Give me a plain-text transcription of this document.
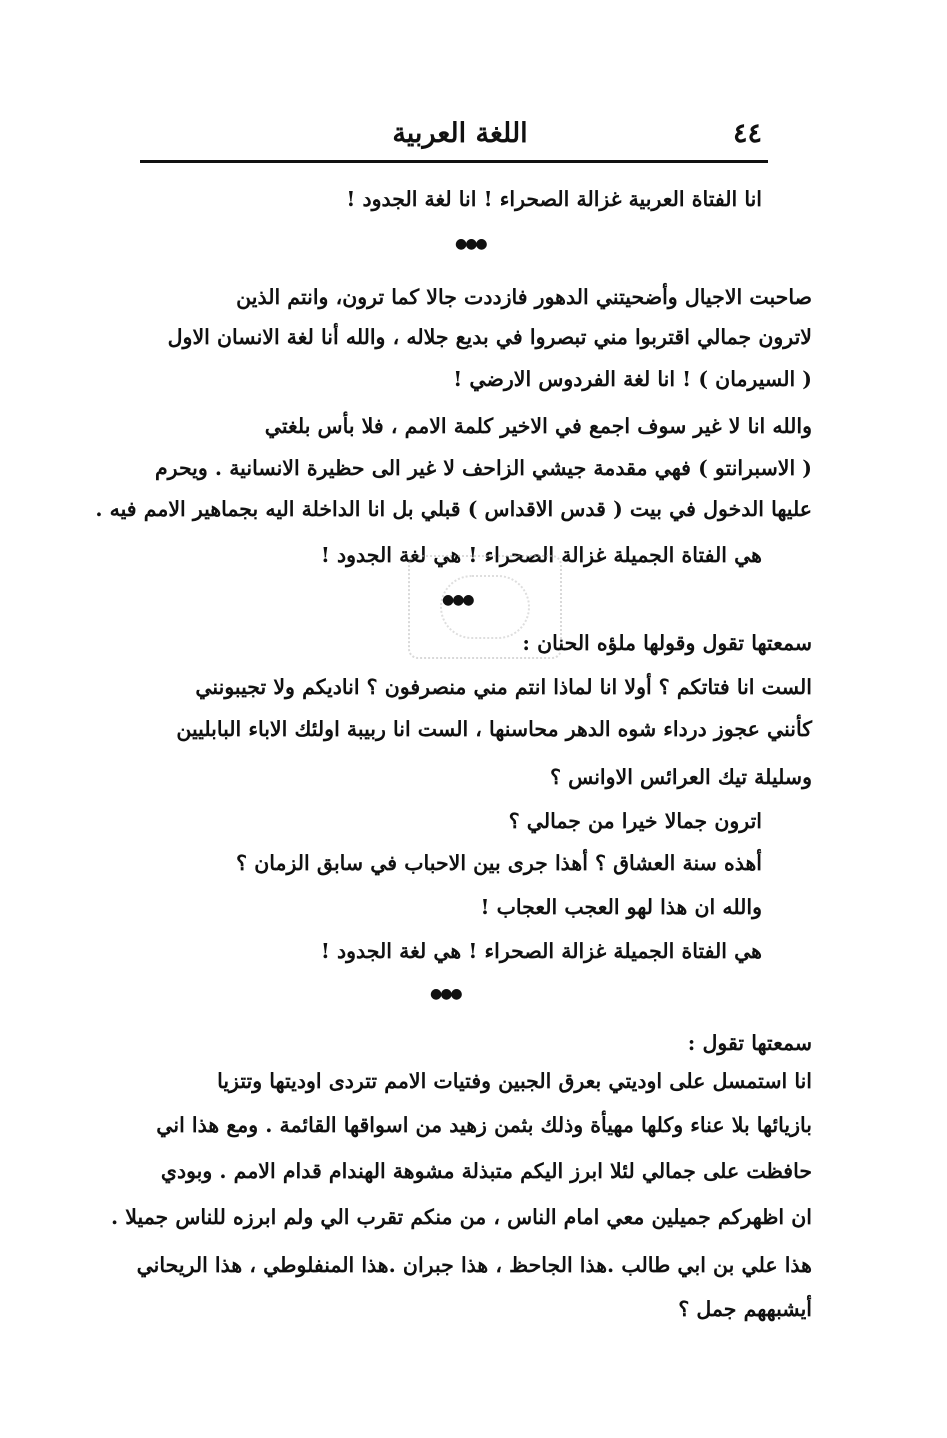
٤٤
اللغة العربية
انا الفتاة العربية غزالة الصحراء ! انا لغة الجدود !
●●●
صاحبت الاجيال وأضحيتني الدهور فازددت جالا كما ترون، وانتم الذين
لاترون جمالي اقتربوا مني تبصروا في بديع جلاله ، والله أنا لغة الانسان الاول
( السيرمان ) ! انا لغة الفردوس الارضي !
والله انا لا غير سوف اجمع في الاخير كلمة الامم ، فلا بأس بلغتي
( الاسبرانتو ) فهي مقدمة جيشي الزاحف لا غير الى حظيرة الانسانية . ويحرم
عليها الدخول في بيت ( قدس الاقداس ) قبلي بل انا الداخلة اليه بجماهير الامم فيه .
هي الفتاة الجميلة غزالة الصحراء ! هي لغة الجدود !
●●●
سمعتها تقول وقولها ملؤه الحنان :
الست انا فتاتكم ؟ أولا انا لماذا انتم مني منصرفون ؟ اناديكم ولا تجيبونني
كأنني عجوز درداء شوه الدهر محاسنها ، الست انا ربيبة اولئك الاباء البابليين
وسليلة تيك العرائس الاوانس ؟
اترون جمالا خيرا من جمالي ؟
أهذه سنة العشاق ؟ أهذا جرى بين الاحباب في سابق الزمان ؟
والله ان هذا لهو العجب العجاب !
هي الفتاة الجميلة غزالة الصحراء ! هي لغة الجدود !
●●●
سمعتها تقول :
انا استمسل على اوديتي بعرق الجبين وفتيات الامم تتردى اوديتها وتتزيا
بازيائها بلا عناء وكلها مهيأة وذلك بثمن زهيد من اسواقها القائمة . ومع هذا اني
حافظت على جمالي لئلا ابرز اليكم متبذلة مشوهة الهندام قدام الامم . وبودي
ان اظهركم جميلين معي امام الناس ، من منكم تقرب الي ولم ابرزه للناس جميلا .
هذا علي بن ابي طالب .هذا الجاحظ ، هذا جبران .هذا المنفلوطي ، هذا الريحاني
أيشبههم جمل ؟
